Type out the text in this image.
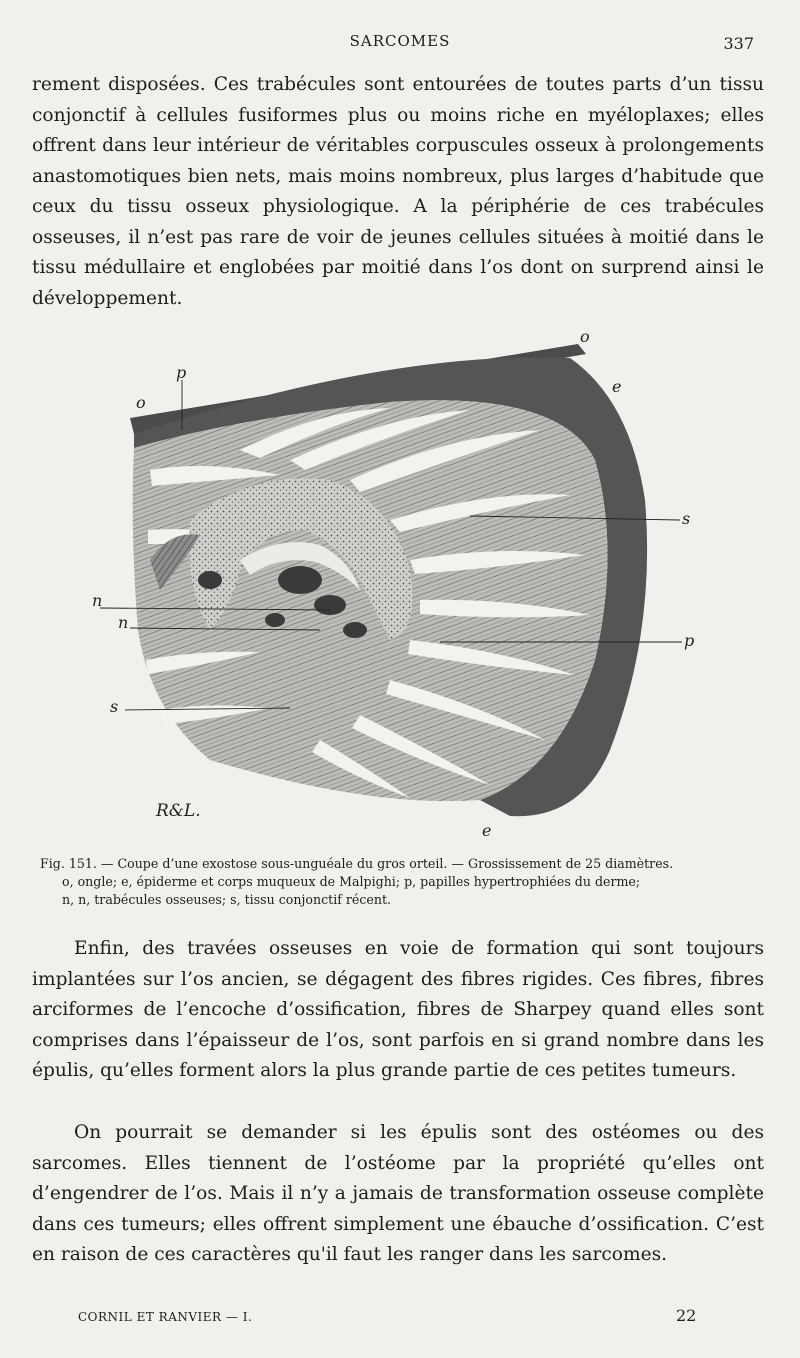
SARCOMES	337

rement disposées. Ces trabécules sont entourées de toutes parts d’un tissu conjonctif à cellules fusiformes plus ou moins riche en myéloplaxes; elles offrent dans leur intérieur de véritables corpuscules osseux à prolongements anastomotiques bien nets, mais moins nombreux, plus larges d’habitude que ceux du tissu osseux physiologique. A la périphérie de ces trabécules osseuses, il n’est pas rare de voir de jeunes cellules situées à moitié dans le tissu médullaire et englobées par moitié dans l’os dont on surprend ainsi le développement.

o
o
p
e
s
n
n
p
s
e
R&L.

Fig. 151. — Coupe d’une exostose sous-unguéale du gros orteil. — Grossissement de 25 diamètres.
o, ongle; e, épiderme et corps muqueux de Malpighi; p, papilles hypertrophiées du derme;
n, n, trabécules osseuses; s, tissu conjonctif récent.

Enfin, des travées osseuses en voie de formation qui sont toujours implantées sur l’os ancien, se dégagent des fibres rigides. Ces fibres, fibres arciformes de l’encoche d’ossification, fibres de Sharpey quand elles sont comprises dans l’épaisseur de l’os, sont parfois en si grand nombre dans les épulis, qu’elles forment alors la plus grande partie de ces petites tumeurs.

On pourrait se demander si les épulis sont des ostéomes ou des sarcomes. Elles tiennent de l’ostéome par la propriété qu’elles ont d’engendrer de l’os. Mais il n’y a jamais de transformation osseuse complète dans ces tumeurs; elles offrent simplement une ébauche d’ossification. C’est en raison de ces caractères qu'il faut les ranger dans les sarcomes.

CORNIL ET RANVIER — I.	22
